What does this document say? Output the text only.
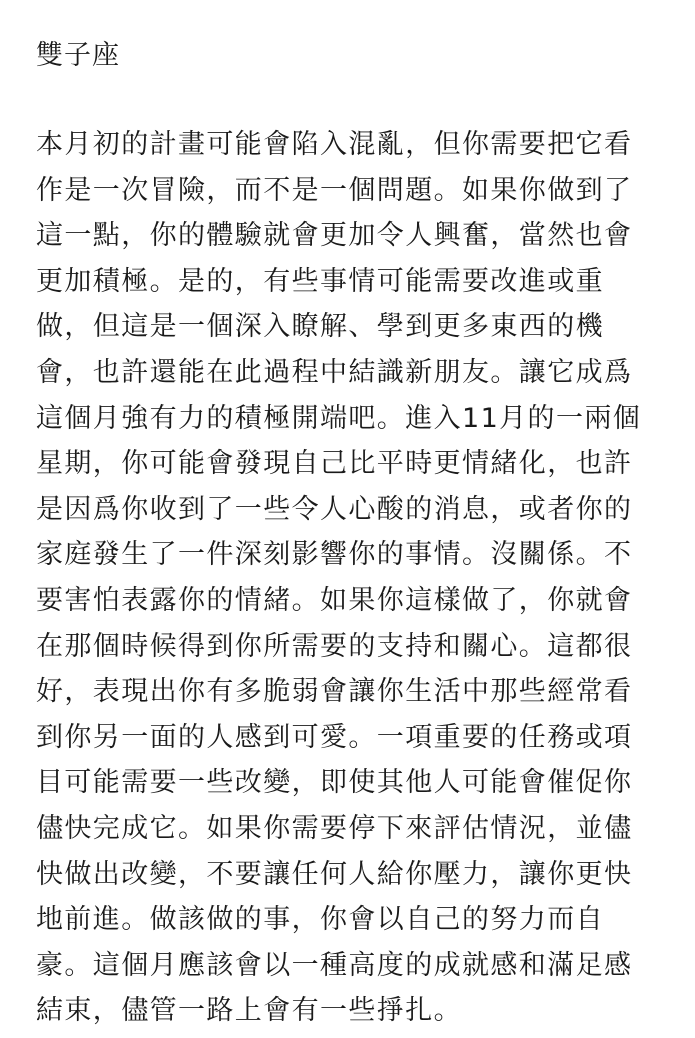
雙子座
本月初的計畫可能會陷入混亂，但你需要把它看
作是一次冒險，而不是一個問題。如果你做到了
這一點，你的體驗就會更加令人興奮，當然也會
更加積極。是的，有些事情可能需要改進或重
做，但這是一個深入瞭解、學到更多東西的機
會，也許還能在此過程中結識新朋友。讓它成爲
這個月強有力的積極開端吧。進入11月的一兩個
星期，你可能會發現自己比平時更情緒化，也許
是因爲你收到了一些令人心酸的消息，或者你的
家庭發生了一件深刻影響你的事情。沒關係。不
要害怕表露你的情緒。如果你這樣做了，你就會
在那個時候得到你所需要的支持和關心。這都很
好，表現出你有多脆弱會讓你生活中那些經常看
到你另一面的人感到可愛。一項重要的任務或項
目可能需要一些改變，即使其他人可能會催促你
儘快完成它。如果你需要停下來評估情況，並儘
快做出改變，不要讓任何人給你壓力，讓你更快
地前進。做該做的事，你會以自己的努力而自
豪。這個月應該會以一種高度的成就感和滿足感
結束，儘管一路上會有一些掙扎。
